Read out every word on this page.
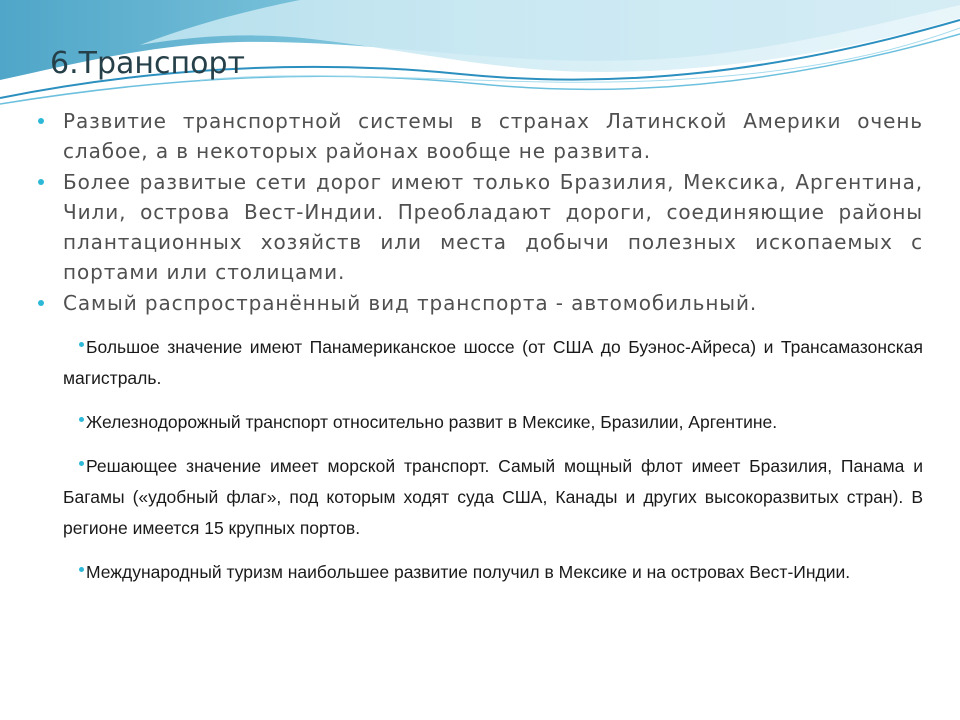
6.Транспорт
Развитие транспортной системы в странах Латинской Америки очень слабое, а в некоторых районах вообще не развита.
Более развитые сети дорог имеют только Бразилия, Мексика, Аргентина, Чили, острова Вест-Индии. Преобладают дороги, соединяющие районы плантационных хозяйств или места добычи полезных ископаемых с портами или столицами.
Самый распространённый вид транспорта - автомобильный.
Большое значение имеют Панамериканское шоссе (от США до Буэнос-Айреса) и Трансамазонская магистраль.
Железнодорожный транспорт относительно развит в Мексике, Бразилии, Аргентине.
Решающее значение имеет морской транспорт. Самый мощный флот имеет Бразилия, Панама и Багамы («удобный флаг», под которым ходят суда США, Канады и других высокоразвитых стран). В регионе имеется 15 крупных портов.
Международный туризм наибольшее развитие получил в Мексике и на островах Вест-Индии.
